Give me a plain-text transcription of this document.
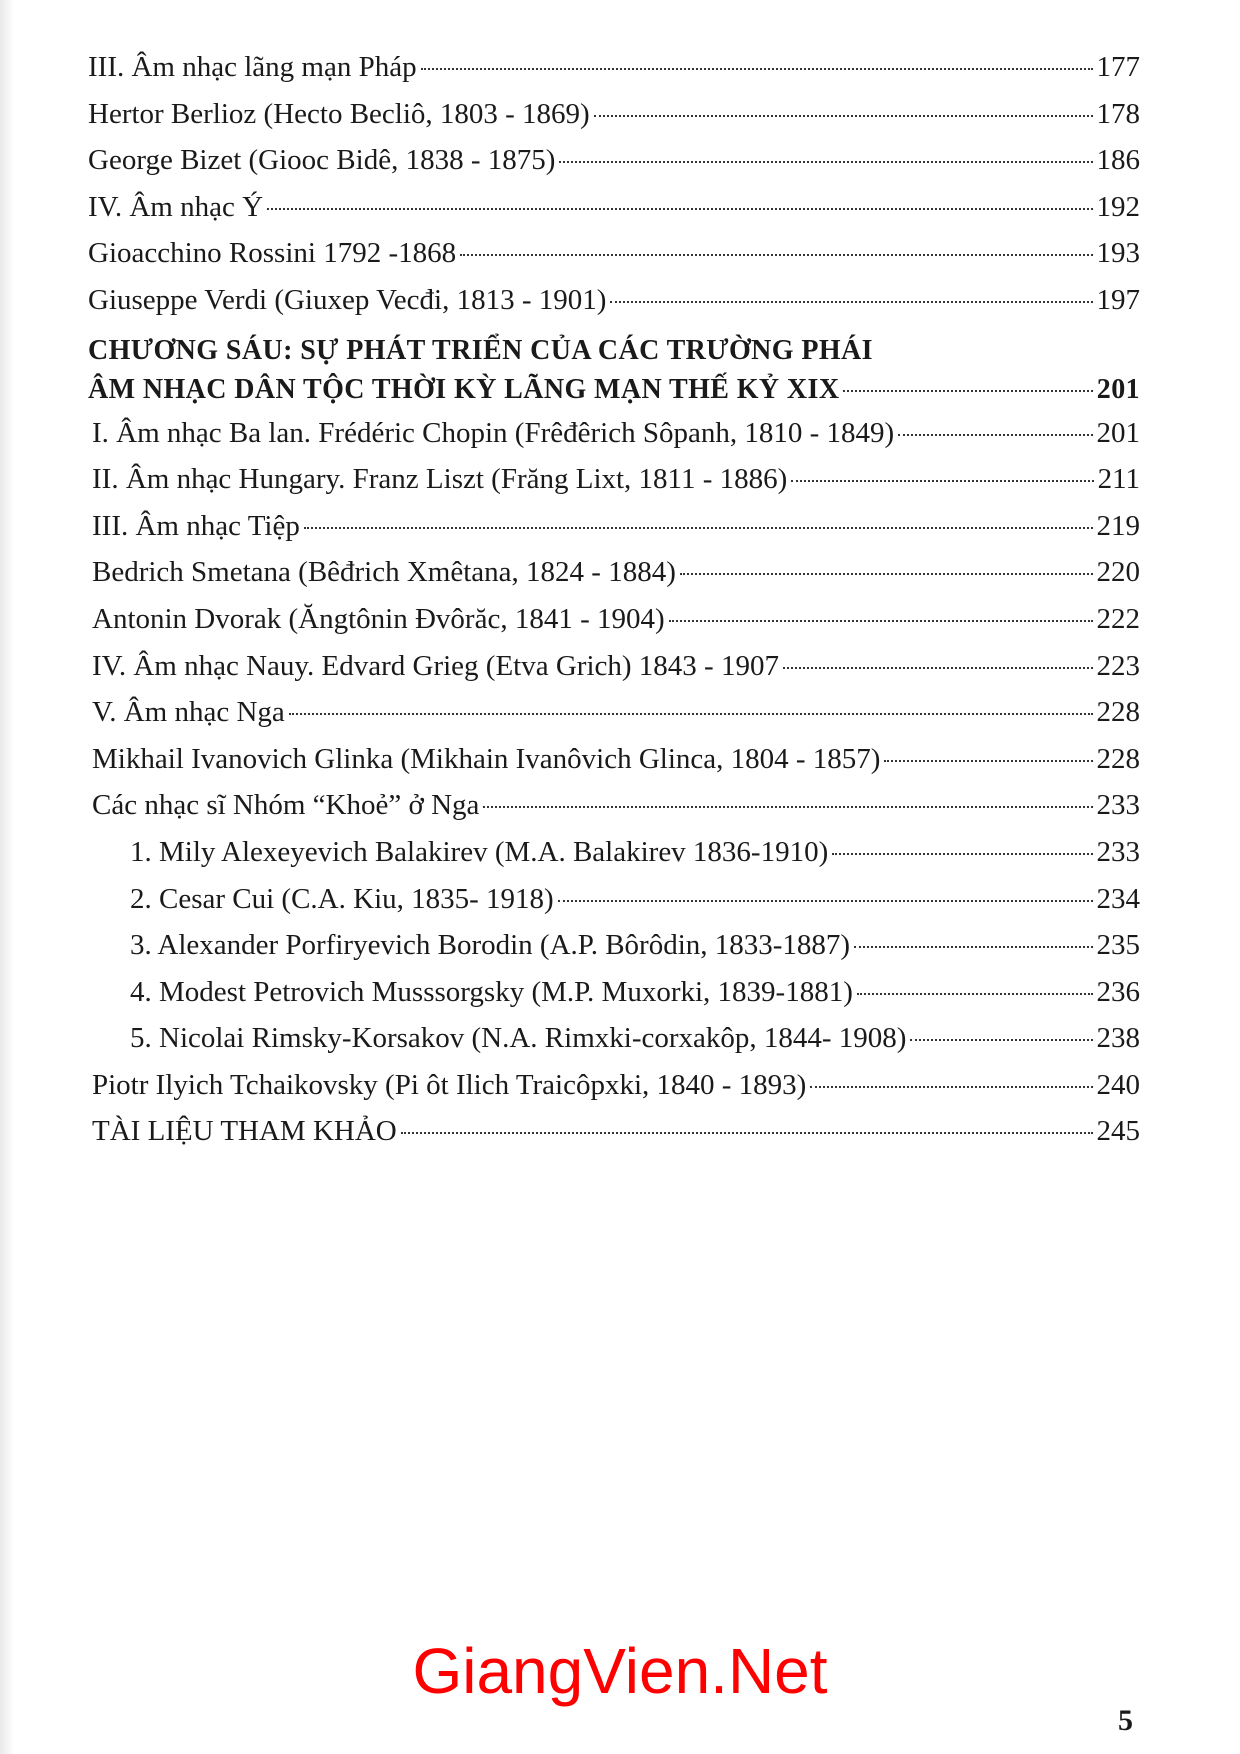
III. Âm nhạc lãng mạn Pháp	177
Hertor Berlioz (Hecto Becliô, 1803 - 1869)	178
George Bizet (Giooc Bidê, 1838 - 1875)	186
IV. Âm nhạc Ý	192
Gioacchino Rossini 1792 -1868	193
Giuseppe Verdi (Giuxep Vecđi, 1813 - 1901)	197
CHƯƠNG SÁU: SỰ PHÁT TRIỂN CỦA CÁC TRƯỜNG PHÁI
ÂM NHẠC DÂN TỘC THỜI KỲ LÃNG MẠN THẾ KỶ XIX	201
I. Âm nhạc Ba lan. Frédéric Chopin (Frêđêrich Sôpanh, 1810 - 1849)	201
II. Âm nhạc Hungary. Franz Liszt (Frăng Lixt, 1811 - 1886)	211
III. Âm nhạc Tiệp	219
Bedrich Smetana (Bêđrich Xmêtana, 1824 - 1884)	220
Antonin Dvorak (Ăngtônin Đvôrăc, 1841 - 1904)	222
IV. Âm nhạc Nauy. Edvard Grieg (Etva Grich) 1843 - 1907	223
V. Âm nhạc Nga	228
Mikhail Ivanovich Glinka (Mikhain Ivanôvich Glinca, 1804 - 1857)	228
Các nhạc sĩ Nhóm “Khoẻ” ở Nga	233
1. Mily Alexeyevich Balakirev (M.A. Balakirev 1836-1910)	233
2. Cesar Cui (C.A. Kiu, 1835- 1918)	234
3. Alexander Porfiryevich Borodin (A.P. Bôrôdin, 1833-1887)	235
4. Modest Petrovich Musssorgsky (M.P. Muxorki, 1839-1881)	236
5. Nicolai Rimsky-Korsakov (N.A. Rimxki-corxakôp, 1844- 1908)	238
Piotr Ilyich Tchaikovsky (Pi ôt Ilich Traicôpxki, 1840 - 1893)	240
TÀI LIỆU THAM KHẢO	245
GiangVien.Net
5
